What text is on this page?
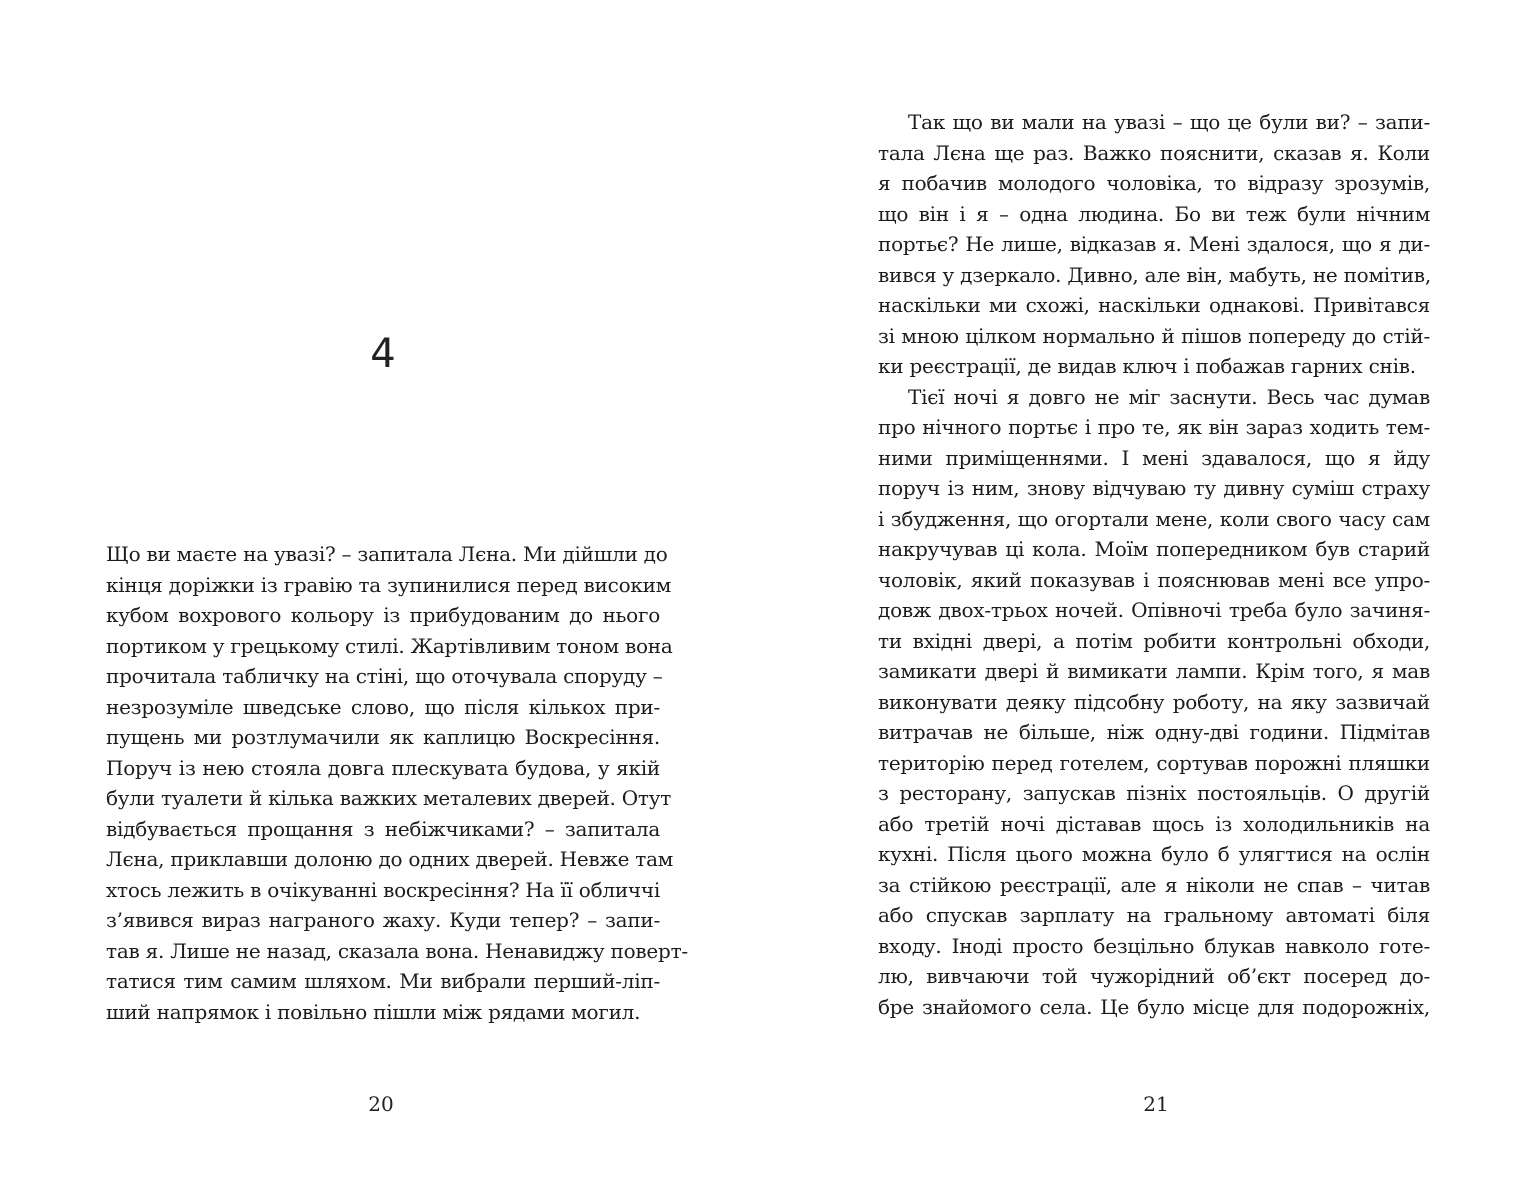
4
Що ви маєте на увазі? – запитала Лєна. Ми дійшли до
кінця доріжки із гравію та зупинилися перед високим
кубом вохрового кольору із прибудованим до нього
портиком у грецькому стилі. Жартівливим тоном вона
прочитала табличку на стіні, що оточувала споруду –
незрозуміле шведське слово, що після кількох при-
пущень ми розтлумачили як каплицю Воскресіння.
Поруч із нею стояла довга плескувата будова, у якій
були туалети й кілька важких металевих дверей. Отут
відбувається прощання з небіжчиками? – запитала
Лєна, приклавши долоню до одних дверей. Невже там
хтось лежить в очікуванні воскресіння? На її обличчі
з’явився вираз награного жаху. Куди тепер? – запи-
тав я. Лише не назад, сказала вона. Ненавиджу поверт-
татися тим самим шляхом. Ми вибрали перший-ліп-
ший напрямок і повільно пішли між рядами могил.
20
Так що ви мали на увазі – що це були ви? – запи-
тала Лєна ще раз. Важко пояснити, сказав я. Коли
я побачив молодого чоловіка, то відразу зрозумів,
що він і я – одна людина. Бо ви теж були нічним
портьє? Не лише, відказав я. Мені здалося, що я ди-
вився у дзеркало. Дивно, але він, мабуть, не помітив,
наскільки ми схожі, наскільки однакові. Привітався
зі мною цілком нормально й пішов попереду до стій-
ки реєстрації, де видав ключ і побажав гарних снів.
Тієї ночі я довго не міг заснути. Весь час думав
про нічного портьє і про те, як він зараз ходить тем-
ними приміщеннями. І мені здавалося, що я йду
поруч із ним, знову відчуваю ту дивну суміш страху
і збудження, що огортали мене, коли свого часу сам
накручував ці кола. Моїм попередником був старий
чоловік, який показував і пояснював мені все упро-
довж двох-трьох ночей. Опівночі треба було зачиня-
ти вхідні двері, а потім робити контрольні обходи,
замикати двері й вимикати лампи. Крім того, я мав
виконувати деяку підсобну роботу, на яку зазвичай
витрачав не більше, ніж одну-дві години. Підмітав
територію перед готелем, сортував порожні пляшки
з ресторану, запускав пізніх постояльців. О другій
або третій ночі діставав щось із холодильників на
кухні. Після цього можна було б улягтися на ослін
за стійкою реєстрації, але я ніколи не спав – читав
або спускав зарплату на гральному автоматі біля
входу. Іноді просто безцільно блукав навколо готе-
лю, вивчаючи той чужорідний об’єкт посеред до-
бре знайомого села. Це було місце для подорожніх,
21
